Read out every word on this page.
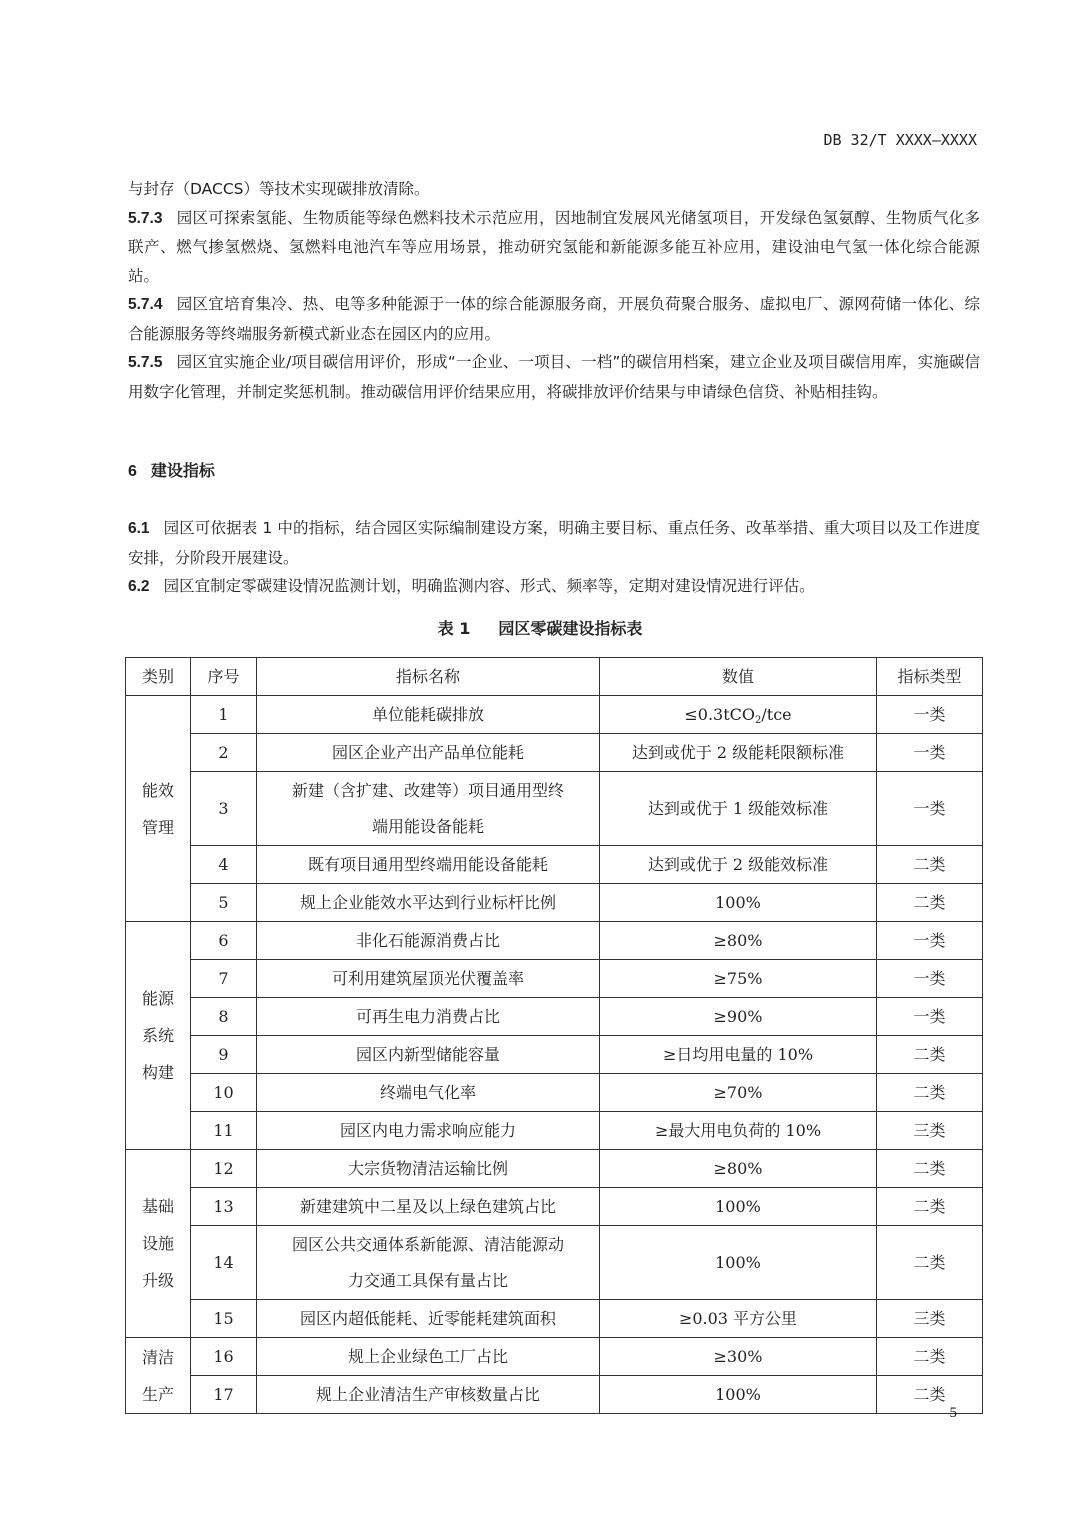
DB 32/T XXXX—XXXX

与封存（DACCS）等技术实现碳排放清除。

5.7.3 园区可探索氢能、生物质能等绿色燃料技术示范应用，因地制宜发展风光储氢项目，开发绿色氢氨醇、生物质气化多联产、燃气掺氢燃烧、氢燃料电池汽车等应用场景，推动研究氢能和新能源多能互补应用，建设油电气氢一体化综合能源站。

5.7.4 园区宜培育集冷、热、电等多种能源于一体的综合能源服务商，开展负荷聚合服务、虚拟电厂、源网荷储一体化、综合能源服务等终端服务新模式新业态在园区内的应用。

5.7.5 园区宜实施企业/项目碳信用评价，形成“一企业、一项目、一档”的碳信用档案，建立企业及项目碳信用库，实施碳信用数字化管理，并制定奖惩机制。推动碳信用评价结果应用，将碳排放评价结果与申请绿色信贷、补贴相挂钩。

6 建设指标

6.1 园区可依据表 1 中的指标，结合园区实际编制建设方案，明确主要目标、重点任务、改革举措、重大项目以及工作进度安排，分阶段开展建设。

6.2 园区宜制定零碳建设情况监测计划，明确监测内容、形式、频率等，定期对建设情况进行评估。

表 1 园区零碳建设指标表
类别	序号	指标名称	数值	指标类型

能效
管理	1	单位能耗碳排放	≤0.3tCO$_2$/tce	一类
	2	园区企业产出产品单位能耗	达到或优于 2 级能耗限额标准	一类
	3	新建（含扩建、改建等）项目通用型终
端用能设备能耗	达到或优于 1 级能效标准	一类
	4	既有项目通用型终端用能设备能耗	达到或优于 2 级能效标准	二类
	5	规上企业能效水平达到行业标杆比例	100%	二类

能源
系统
构建	6	非化石能源消费占比	≥80%	一类
	7	可利用建筑屋顶光伏覆盖率	≥75%	一类
	8	可再生电力消费占比	≥90%	一类
	9	园区内新型储能容量	≥日均用电量的 10%	二类
	10	终端电气化率	≥70%	二类
	11	园区内电力需求响应能力	≥最大用电负荷的 10%	三类

基础
设施
升级	12	大宗货物清洁运输比例	≥80%	二类
	13	新建建筑中二星及以上绿色建筑占比	100%	二类
	14	园区公共交通体系新能源、清洁能源动
力交通工具保有量占比	100%	二类
	15	园区内超低能耗、近零能耗建筑面积	≥0.03 平方公里	三类

清洁
生产	16	规上企业绿色工厂占比	≥30%	二类
	17	规上企业清洁生产审核数量占比	100%	二类
5
